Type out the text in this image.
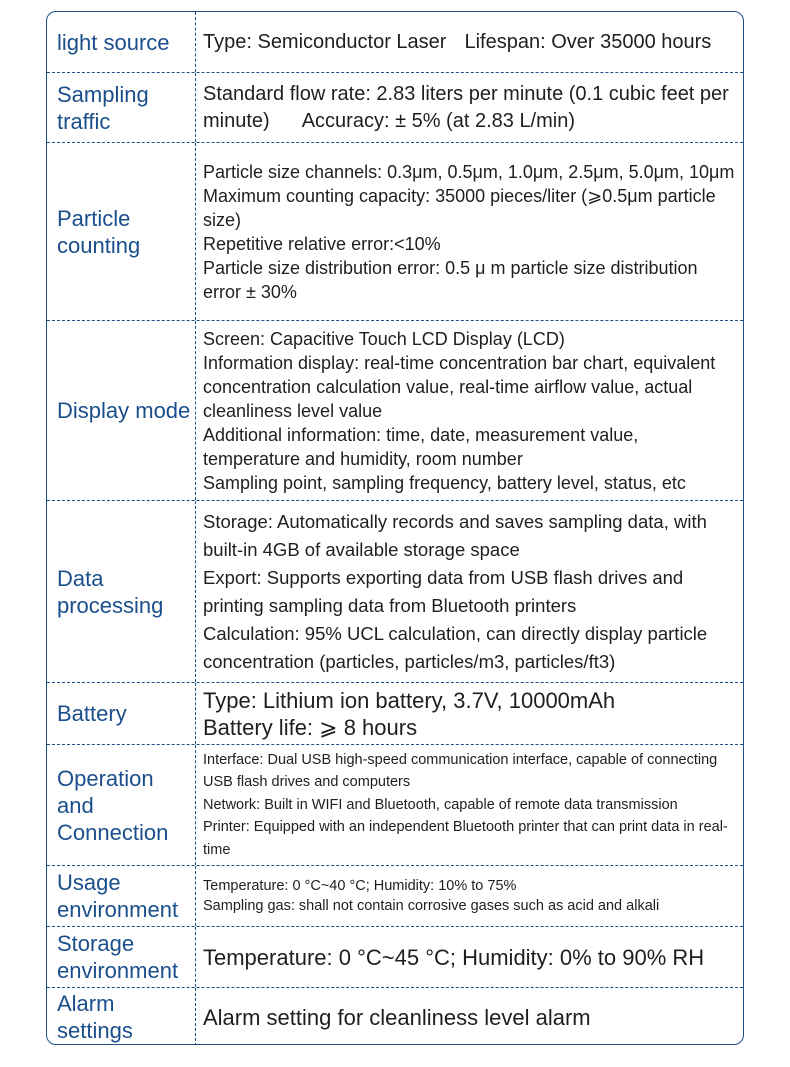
light source	Type: Semiconductor Laser Lifespan: Over 35000 hours
Sampling traffic
Standard flow rate: 2.83 liters per minute (0.1 cubic feet per minute) Accuracy: ± 5% (at 2.83 L/min)
Particle counting
Particle size channels: 0.3μm, 0.5μm, 1.0μm, 2.5μm, 5.0μm, 10μm
Maximum counting capacity: 35000 pieces/liter (⩾0.5μm particle size)
Repetitive relative error:<10%
Particle size distribution error: 0.5 μ m particle size distribution error ± 30%
Display mode
Screen: Capacitive Touch LCD Display (LCD)
Information display: real-time concentration bar chart, equivalent concentration calculation value, real-time airflow value, actual cleanliness level value
Additional information: time, date, measurement value, temperature and humidity, room number
Sampling point, sampling frequency, battery level, status, etc
Data processing
Storage: Automatically records and saves sampling data, with built-in 4GB of available storage space
Export: Supports exporting data from USB flash drives and printing sampling data from Bluetooth printers
Calculation: 95% UCL calculation, can directly display particle concentration (particles, particles/m3, particles/ft3)
Battery
Type: Lithium ion battery, 3.7V, 10000mAh
Battery life: ⩾ 8 hours
Operation and Connection
Interface: Dual USB high-speed communication interface, capable of connecting USB flash drives and computers
Network: Built in WIFI and Bluetooth, capable of remote data transmission
Printer: Equipped with an independent Bluetooth printer that can print data in real-time
Usage environment
Temperature: 0 °C~40 °C; Humidity: 10% to 75%
Sampling gas: shall not contain corrosive gases such as acid and alkali
Storage environment
Temperature: 0 °C~45 °C; Humidity: 0% to 90% RH
Alarm settings
Alarm setting for cleanliness level alarm
